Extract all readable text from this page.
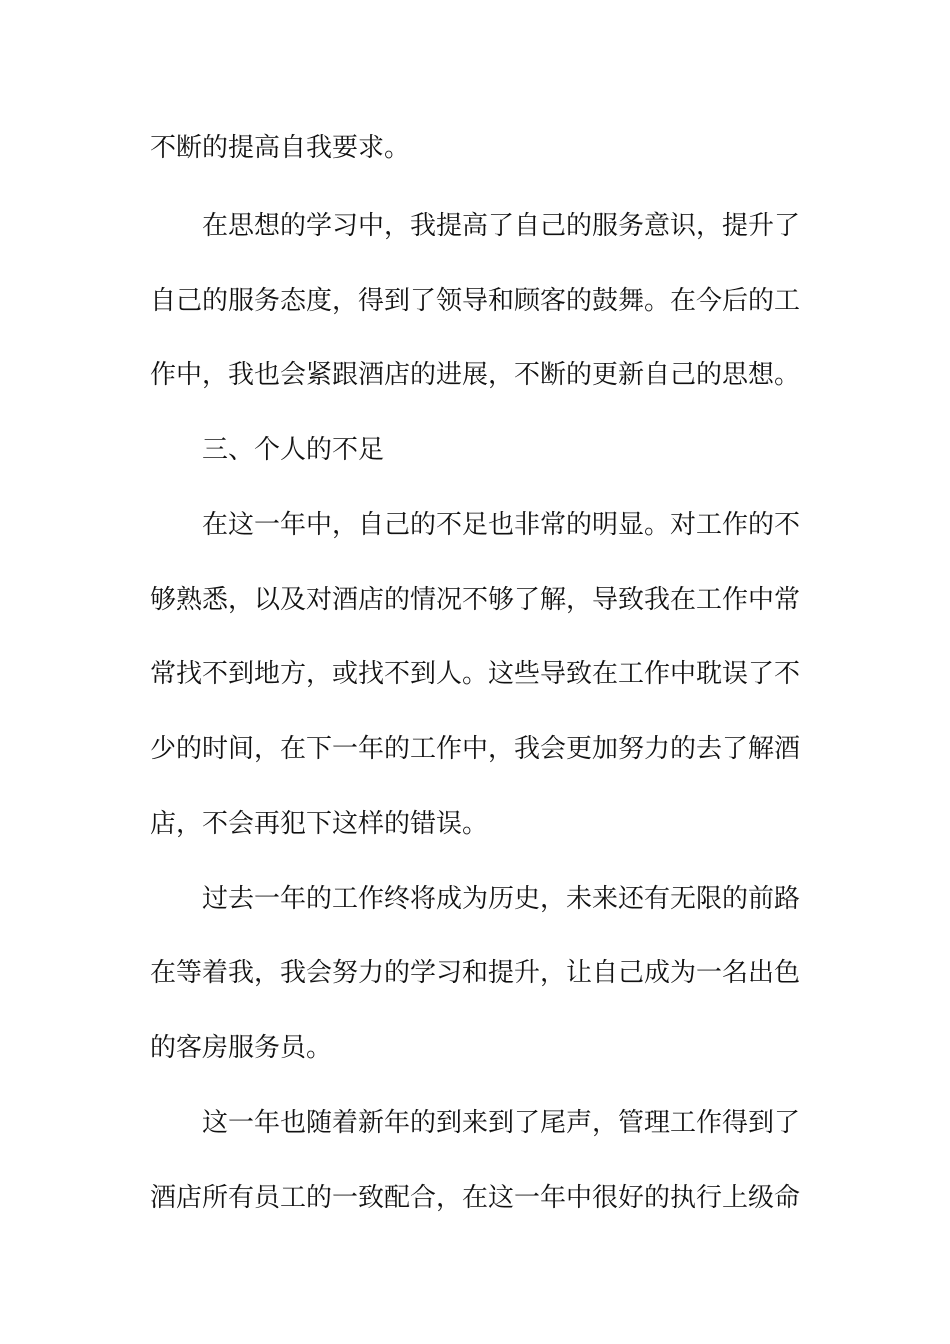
不断的提高自我要求。
在思想的学习中，我提高了自己的服务意识，提升了
自己的服务态度，得到了领导和顾客的鼓舞。在今后的工
作中，我也会紧跟酒店的进展，不断的更新自己的思想。
三、个人的不足
在这一年中，自己的不足也非常的明显。对工作的不
够熟悉，以及对酒店的情况不够了解，导致我在工作中常
常找不到地方，或找不到人。这些导致在工作中耽误了不
少的时间，在下一年的工作中，我会更加努力的去了解酒
店，不会再犯下这样的错误。
过去一年的工作终将成为历史，未来还有无限的前路
在等着我，我会努力的学习和提升，让自己成为一名出色
的客房服务员。
这一年也随着新年的到来到了尾声，管理工作得到了
酒店所有员工的一致配合，在这一年中很好的执行上级命
